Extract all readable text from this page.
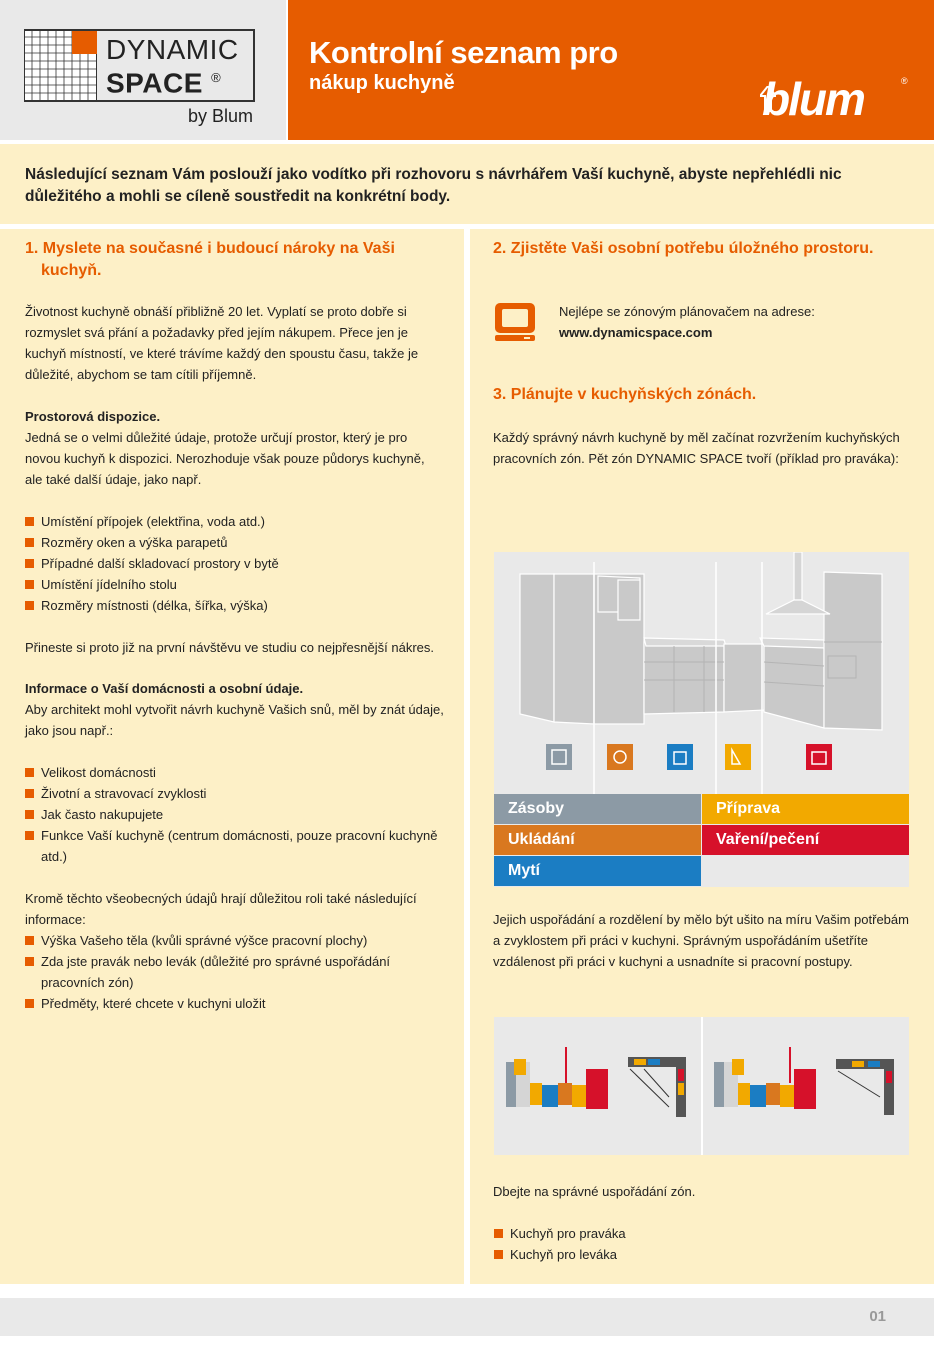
DYNAMIC
SPACE ®
by Blum
Kontrolní seznam pro
nákup kuchyně	blum	®

Následující seznam Vám poslouží jako vodítko při rozhovoru s návrhářem Vaší kuchyně, abyste nepřehlédli nic důležitého a mohli se cíleně soustředit na konkrétní body.

1. Myslete na současné i budoucí nároky na Vaši
kuchyň.

Životnost kuchyně obnáší přibližně 20 let. Vyplatí se proto dobře si rozmyslet svá přání a požadavky před jejím nákupem. Přece jen je kuchyň místností, ve které trávíme každý den spoustu času, takže je důležité, abychom se tam cítili příjemně.

Prostorová dispozice.
Jedná se o velmi důležité údaje, protože určují prostor, který je pro novou kuchyň k dispozici. Nerozhoduje však pouze půdorys kuchyně, ale také další údaje, jako např.

Umístění přípojek (elektřina, voda atd.)
Rozměry oken a výška parapetů
Případné další skladovací prostory v bytě
Umístění jídelního stolu
Rozměry místnosti (délka, šířka, výška)

Přineste si proto již na první návštěvu ve studiu co nejpřesnější nákres.

Informace o Vaší domácnosti a osobní údaje.
Aby architekt mohl vytvořit návrh kuchyně Vašich snů, měl by znát údaje, jako jsou např.:

Velikost domácnosti
Životní a stravovací zvyklosti
Jak často nakupujete
Funkce Vaší kuchyně (centrum domácnosti, pouze pracovní kuchyně atd.)

Kromě těchto všeobecných údajů hrají důležitou roli také následující informace:

Výška Vašeho těla (kvůli správné výšce pracovní plochy)
Zda jste pravák nebo levák (důležité pro správné uspořádání pracovních zón)
Předměty, které chcete v kuchyni uložit
2. Zjistěte Vaši osobní potřebu úložného prostoru.

Nejlépe se zónovým plánovačem na adrese:
www.dynamicspace.com

3. Plánujte v kuchyňských zónách.

Každý správný návrh kuchyně by měl začínat rozvržením kuchyňských pracovních zón. Pět zón DYNAMIC SPACE tvoří (příklad pro praváka):

Zásoby	Příprava
Ukládání	Vaření/pečení
Mytí

Jejich uspořádání a rozdělení by mělo být ušito na míru Vašim potřebám a zvyklostem při práci v kuchyni. Správným uspořádáním ušetříte vzdálenost při práci v kuchyni a usnadníte si pracovní postupy.

Dbejte na správné uspořádání zón.

Kuchyň pro praváka
Kuchyň pro leváka
01
